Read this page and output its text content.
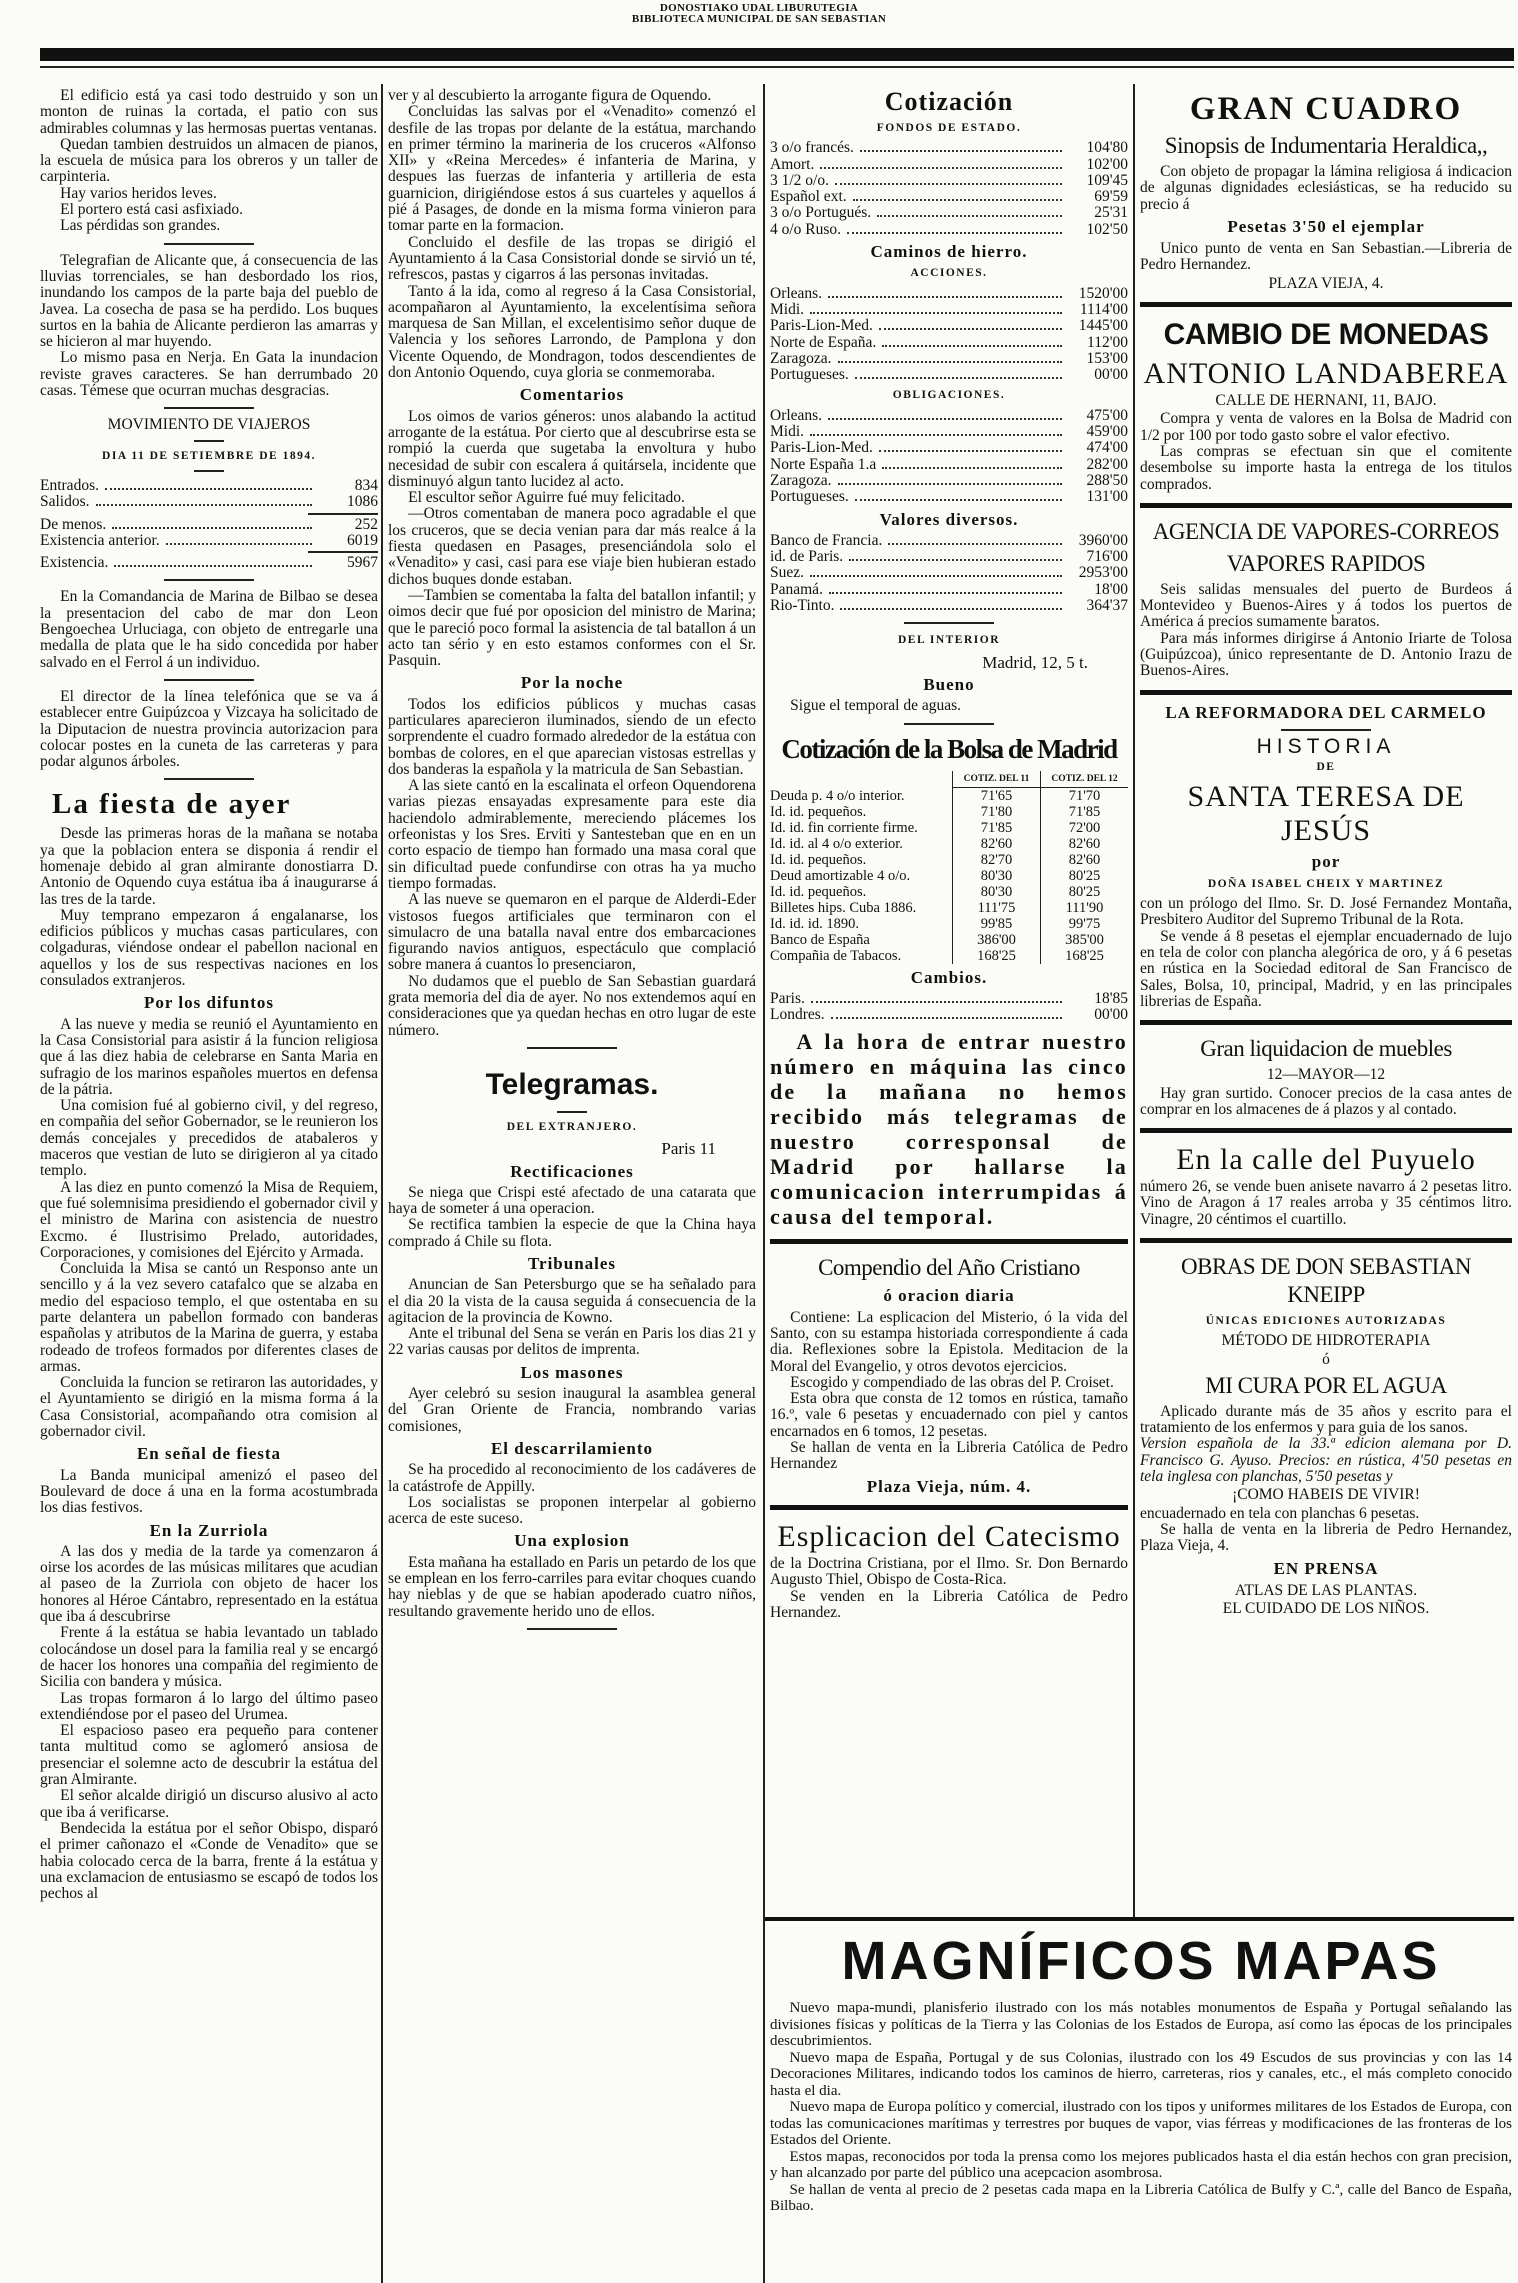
DONOSTIAKO UDAL LIBURUTEGIA
BIBLIOTECA MUNICIPAL DE SAN SEBASTIAN

El edificio está ya casi todo destruido y son un monton de ruinas la cortada, el patio con sus admirables columnas y las hermosas puertas ventanas.

Quedan tambien destruidos un almacen de pianos, la escuela de música para los obreros y un taller de carpinteria.

Hay varios heridos leves.

El portero está casi asfixiado.

Las pérdidas son grandes.

Telegrafian de Alicante que, á consecuencia de las lluvias torrenciales, se han desbordado los rios, inundando los campos de la parte baja del pueblo de Javea. La cosecha de pasa se ha perdido. Los buques surtos en la bahia de Alicante perdieron las amarras y se hicieron al mar huyendo.

Lo mismo pasa en Nerja. En Gata la inundacion reviste graves caracteres. Se han derrumbado 20 casas. Témese que ocurran muchas desgracias.

MOVIMIENTO DE VIAJEROS
DIA 11 DE SETIEMBRE DE 1894.
Entrados.	834
Salidos.	1086
De menos.	252
Existencia anterior.	6019
Existencia.	5967

En la Comandancia de Marina de Bilbao se desea la presentacion del cabo de mar don Leon Bengoechea Urluciaga, con objeto de entregarle una medalla de plata que le ha sido concedida por haber salvado en el Ferrol á un individuo.

El director de la línea telefónica que se va á establecer entre Guipúzcoa y Vizcaya ha solicitado de la Diputacion de nuestra provincia autorizacion para colocar postes en la cuneta de las carreteras y para podar algunos árboles.

La fiesta de ayer

Desde las primeras horas de la mañana se notaba ya que la poblacion entera se disponia á rendir el homenaje debido al gran almirante donostiarra D. Antonio de Oquendo cuya estátua iba á inaugurarse á las tres de la tarde.

Muy temprano empezaron á engalanarse, los edificios públicos y muchas casas particulares, con colgaduras, viéndose ondear el pabellon nacional en aquellos y los de sus respectivas naciones en los consulados extranjeros.

Por los difuntos

A las nueve y media se reunió el Ayuntamiento en la Casa Consistorial para asistir á la funcion religiosa que á las diez habia de celebrarse en Santa Maria en sufragio de los marinos españoles muertos en defensa de la pátria.

Una comision fué al gobierno civil, y del regreso, en compañia del señor Gobernador, se le reunieron los demás concejales y precedidos de atabaleros y maceros que vestian de luto se dirigieron al ya citado templo.

A las diez en punto comenzó la Misa de Requiem, que fué solemnisima presidiendo el gobernador civil y el ministro de Marina con asistencia de nuestro Excmo. é Ilustrisimo Prelado, autoridades, Corporaciones, y comisiones del Ejército y Armada.

Concluida la Misa se cantó un Responso ante un sencillo y á la vez severo catafalco que se alzaba en medio del espacioso templo, el que ostentaba en su parte delantera un pabellon formado con banderas españolas y atributos de la Marina de guerra, y estaba rodeado de trofeos formados por diferentes clases de armas.

Concluida la funcion se retiraron las autoridades, y el Ayuntamiento se dirigió en la misma forma á la Casa Consistorial, acompañando otra comision al gobernador civil.

En señal de fiesta

La Banda municipal amenizó el paseo del Boulevard de doce á una en la forma acostumbrada los dias festivos.

En la Zurriola

A las dos y media de la tarde ya comenzaron á oirse los acordes de las músicas militares que acudian al paseo de la Zurriola con objeto de hacer los honores al Héroe Cántabro, representado en la estátua que iba á descubrirse

Frente á la estátua se habia levantado un tablado colocándose un dosel para la familia real y se encargó de hacer los honores una compañia del regimiento de Sicilia con bandera y música.

Las tropas formaron á lo largo del último paseo extendiéndose por el paseo del Urumea.

El espacioso paseo era pequeño para contener tanta multitud como se aglomeró ansiosa de presenciar el solemne acto de descubrir la estátua del gran Almirante.

El señor alcalde dirigió un discurso alusivo al acto que iba á verificarse.

Bendecida la estátua por el señor Obispo, disparó el primer cañonazo el «Conde de Venadito» que se habia colocado cerca de la barra, frente á la estátua y una exclamacion de entusiasmo se escapó de todos los pechos al

ver y al descubierto la arrogante figura de Oquendo.

Concluidas las salvas por el «Venadito» comenzó el desfile de las tropas por delante de la estátua, marchando en primer término la marineria de los cruceros «Alfonso XII» y «Reina Mercedes» é infanteria de Marina, y despues las fuerzas de infanteria y artilleria de esta guarnicion, dirigiéndose estos á sus cuarteles y aquellos á pié á Pasages, de donde en la misma forma vinieron para tomar parte en la formacion.

Concluido el desfile de las tropas se dirigió el Ayuntamiento á la Casa Consistorial donde se sirvió un té, refrescos, pastas y cigarros á las personas invitadas.

Tanto á la ida, como al regreso á la Casa Consistorial, acompañaron al Ayuntamiento, la excelentísima señora marquesa de San Millan, el excelentisimo señor duque de Valencia y los señores Larrondo, de Pamplona y don Vicente Oquendo, de Mondragon, todos descendientes de don Antonio Oquendo, cuya gloria se conmemoraba.

Comentarios

Los oimos de varios géneros: unos alabando la actitud arrogante de la estátua. Por cierto que al descubrirse esta se rompió la cuerda que sugetaba la envoltura y hubo necesidad de subir con escalera á quitársela, incidente que disminuyó algun tanto lucidez al acto.

El escultor señor Aguirre fué muy felicitado.

—Otros comentaban de manera poco agradable el que los cruceros, que se decia venian para dar más realce á la fiesta quedasen en Pasages, presenciándola solo el «Venadito» y casi, casi para ese viaje bien hubieran estado dichos buques donde estaban.

—Tambien se comentaba la falta del batallon infantil; y oimos decir que fué por oposicion del ministro de Marina; que le pareció poco formal la asistencia de tal batallon á un acto tan sério y en esto estamos conformes con el Sr. Pasquin.

Por la noche

Todos los edificios públicos y muchas casas particulares aparecieron iluminados, siendo de un efecto sorprendente el cuadro formado alrededor de la estátua con bombas de colores, en el que aparecian vistosas estrellas y dos banderas la española y la matricula de San Sebastian.

A las siete cantó en la escalinata el orfeon Oquendorena varias piezas ensayadas expresamente para este dia haciendolo admirablemente, mereciendo plácemes los orfeonistas y los Sres. Erviti y Santesteban que en en un corto espacio de tiempo han formado una masa coral que sin dificultad puede confundirse con otras ha ya mucho tiempo formadas.

A las nueve se quemaron en el parque de Alderdi-Eder vistosos fuegos artificiales que terminaron con el simulacro de una batalla naval entre dos embarcaciones figurando navios antiguos, espectáculo que complació sobre manera á cuantos lo presenciaron,

No dudamos que el pueblo de San Sebastian guardará grata memoria del dia de ayer. No nos extendemos aquí en consideraciones que ya quedan hechas en otro lugar de este número.

Telegramas.
DEL EXTRANJERO.
Paris 11
Rectificaciones

Se niega que Crispi esté afectado de una catarata que haya de someter á una operacion.

Se rectifica tambien la especie de que la China haya comprado á Chile su flota.

Tribunales

Anuncian de San Petersburgo que se ha señalado para el dia 20 la vista de la causa seguida á consecuencia de la agitacion de la provincia de Kowno.

Ante el tribunal del Sena se verán en Paris los dias 21 y 22 varias causas por delitos de imprenta.

Los masones

Ayer celebró su sesion inaugural la asamblea general del Gran Oriente de Francia, nombrando varias comisiones,

El descarrilamiento

Se ha procedido al reconocimiento de los cadáveres de la catástrofe de Appilly.

Los socialistas se proponen interpelar al gobierno acerca de este suceso.

Una explosion

Esta mañana ha estallado en Paris un petardo de los que se emplean en los ferro-carriles para evitar choques cuando hay nieblas y de que se habian apoderado cuatro niños, resultando gravemente herido uno de ellos.

Cotización
FONDOS DE ESTADO.
3 o/o francés.	104'80
Amort.	102'00
3 1/2 o/o.	109'45
Español ext.	69'59
3 o/o Portugués.	25'31
4 o/o Ruso.	102'50
Caminos de hierro.
ACCIONES.
Orleans.	1520'00
Midi.	1114'00
Paris-Lion-Med.	1445'00
Norte de España.	112'00
Zaragoza.	153'00
Portugueses.	00'00
OBLIGACIONES.
Orleans.	475'00
Midi.	459'00
Paris-Lion-Med.	474'00
Norte España 1.a	282'00
Zaragoza.	288'50
Portugueses.	131'00
Valores diversos.
Banco de Francia.	3960'00
id. de Paris.	716'00
Suez.	2953'00
Panamá.	18'00
Rio-Tinto.	364'37
DEL INTERIOR
Madrid, 12, 5 t.
Bueno

Sigue el temporal de aguas.

Cotización de la Bolsa de Madrid
COTIZ. DEL 11	COTIZ. DEL 12
Deuda p. 4 o/o interior.	71'65	71'70
Id. id. pequeños.	71'80	71'85
Id. id. fin corriente firme.	71'85	72'00
Id. id. al 4 o/o exterior.	82'60	82'60
Id. id. pequeños.	82'70	82'60
Deud amortizable 4 o/o.	80'30	80'25
Id. id. pequeños.	80'30	80'25
Billetes hips. Cuba 1886.	111'75	111'90
Id. id. id. 1890.	99'85	99'75
Banco de España	386'00	385'00
Compañia de Tabacos.	168'25	168'25
Cambios.
Paris.	18'85
Londres.	00'00

A la hora de entrar nuestro número en máquina las cinco de la mañana no hemos recibido más telegramas de nuestro corresponsal de Madrid por hallarse la comunicacion interrumpidas á causa del temporal.

Compendio del Año Cristiano
ó oracion diaria

Contiene: La esplicacion del Misterio, ó la vida del Santo, con su estampa historiada correspondiente á cada dia. Reflexiones sobre la Epistola. Meditacion de la Moral del Evangelio, y otros devotos ejercicios.

Escogido y compendiado de las obras del P. Croiset.

Esta obra que consta de 12 tomos en rústica, tamaño 16.º, vale 6 pesetas y encuadernado con piel y cantos encarnados en 6 tomos, 12 pesetas.

Se hallan de venta en la Libreria Católica de Pedro Hernandez

Plaza Vieja, núm. 4.
Esplicacion del Catecismo

de la Doctrina Cristiana, por el Ilmo. Sr. Don Bernardo Augusto Thiel, Obispo de Costa-Rica.

Se venden en la Libreria Católica de Pedro Hernandez.

GRAN CUADRO
Sinopsis de Indumentaria Heraldica,,

Con objeto de propagar la lámina religiosa á indicacion de algunas dignidades eclesiásticas, se ha reducido su precio á

Pesetas 3'50 el ejemplar

Unico punto de venta en San Sebastian.—Libreria de Pedro Hernandez.

PLAZA VIEJA, 4.
CAMBIO DE MONEDAS
ANTONIO LANDABEREA
CALLE DE HERNANI, 11, BAJO.

Compra y venta de valores en la Bolsa de Madrid con 1/2 por 100 por todo gasto sobre el valor efectivo.

Las compras se efectuan sin que el comitente desembolse su importe hasta la entrega de los titulos comprados.

AGENCIA DE VAPORES-CORREOS
VAPORES RAPIDOS

Seis salidas mensuales del puerto de Burdeos á Montevideo y Buenos-Aires y á todos los puertos de América á precios sumamente baratos.

Para más informes dirigirse á Antonio Iriarte de Tolosa (Guipúzcoa), único representante de D. Antonio Irazu de Buenos-Aires.

LA REFORMADORA DEL CARMELO
HISTORIA
DE
SANTA TERESA DE JESÚS
por
DOÑA ISABEL CHEIX Y MARTINEZ

con un prólogo del Ilmo. Sr. D. José Fernandez Montaña, Presbitero Auditor del Supremo Tribunal de la Rota.

Se vende á 8 pesetas el ejemplar encuadernado de lujo en tela de color con plancha alegórica de oro, y á 6 pesetas en rústica en la Sociedad editoral de San Francisco de Sales, Bolsa, 10, principal, Madrid, y en las principales librerias de España.

Gran liquidacion de muebles
12—MAYOR—12

Hay gran surtido. Conocer precios de la casa antes de comprar en los almacenes de á plazos y al contado.

En la calle del Puyuelo

número 26, se vende buen anisete navarro á 2 pesetas litro. Vino de Aragon á 17 reales arroba y 35 céntimos litro. Vinagre, 20 céntimos el cuartillo.

OBRAS DE DON SEBASTIAN KNEIPP
ÚNICAS EDICIONES AUTORIZADAS
MÉTODO DE HIDROTERAPIA
ó
MI CURA POR EL AGUA

Aplicado durante más de 35 años y escrito para el tratamiento de los enfermos y para guia de los sanos.

Version española de la 33.ª edicion alemana por D. Francisco G. Ayuso. Precios: en rústica, 4'50 pesetas en tela inglesa con planchas, 5'50 pesetas y

¡COMO HABEIS DE VIVIR!

encuadernado en tela con planchas 6 pesetas.

Se halla de venta en la libreria de Pedro Hernandez, Plaza Vieja, 4.

EN PRENSA
ATLAS DE LAS PLANTAS.
EL CUIDADO DE LOS NIÑOS.
MAGNÍFICOS MAPAS

Nuevo mapa-mundi, planisferio ilustrado con los más notables monumentos de España y Portugal señalando las divisiones físicas y políticas de la Tierra y las Colonias de los Estados de Europa, así como las épocas de los principales descubrimientos.

Nuevo mapa de España, Portugal y de sus Colonias, ilustrado con los 49 Escudos de sus provincias y con las 14 Decoraciones Militares, indicando todos los caminos de hierro, carreteras, rios y canales, etc., el más completo conocido hasta el dia.

Nuevo mapa de Europa político y comercial, ilustrado con los tipos y uniformes militares de los Estados de Europa, con todas las comunicaciones marítimas y terrestres por buques de vapor, vias férreas y modificaciones de las fronteras de los Estados del Oriente.

Estos mapas, reconocidos por toda la prensa como los mejores publicados hasta el dia están hechos con gran precision, y han alcanzado por parte del público una acepcacion asombrosa.

Se hallan de venta al precio de 2 pesetas cada mapa en la Libreria Católica de Bulfy y C.ª, calle del Banco de España, Bilbao.
